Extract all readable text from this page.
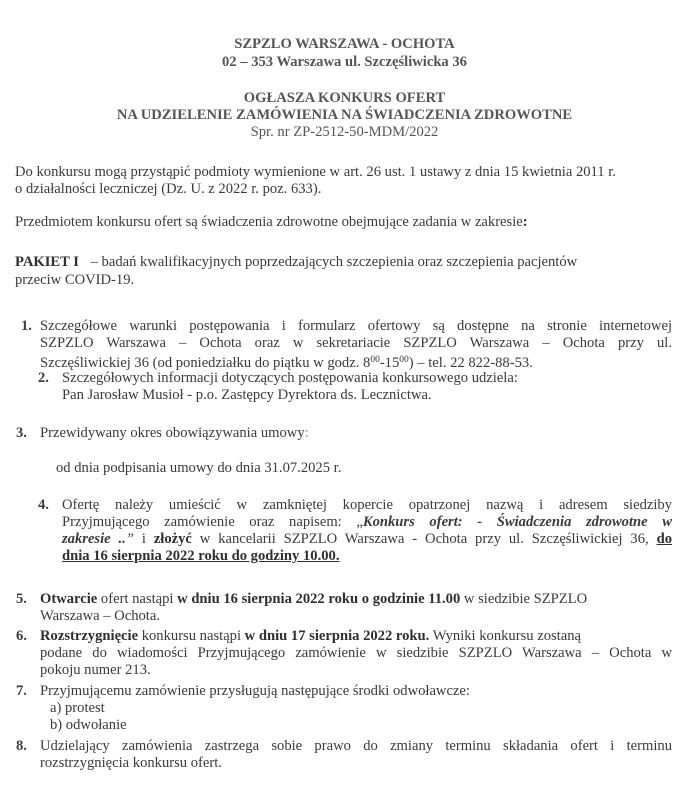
SZPZLO WARSZAWA - OCHOTA
02 – 353 Warszawa ul. Szczęśliwicka 36
OGŁASZA KONKURS OFERT
NA UDZIELENIE ZAMÓWIENIA NA ŚWIADCZENIA ZDROWOTNE
Spr. nr ZP-2512-50-MDM/2022
Do konkursu mogą przystąpić podmioty wymienione w art. 26 ust. 1 ustawy z dnia 15 kwietnia 2011 r.
o działalności leczniczej (Dz. U. z 2022 r. poz. 633).
Przedmiotem konkursu ofert są świadczenia zdrowotne obejmujące zadania w zakresie:
PAKIET I – badań kwalifikacyjnych poprzedzających szczepienia oraz szczepienia pacjentów
przeciw COVID-19.
1. Szczegółowe warunki postępowania i formularz ofertowy są dostępne na stronie internetowej
SZPZLO Warszawa – Ochota oraz w sekretariacie SZPZLO Warszawa – Ochota przy ul.
Szczęśliwickiej 36 (od poniedziałku do piątku w godz. $8^{00}-15^{00}$) – tel. 22 822-88-53.
2. Szczegółowych informacji dotyczących postępowania konkursowego udziela:
Pan Jarosław Musioł - p.o. Zastępcy Dyrektora ds. Lecznictwa.
3. Przewidywany okres obowiązywania umowy:
od dnia podpisania umowy do dnia 31.07.2025 r.
4. Ofertę należy umieścić w zamkniętej kopercie opatrzonej nazwą i adresem siedziby
Przyjmującego zamówienie oraz napisem: „Konkurs ofert: - Świadczenia zdrowotne w
zakresie ..” i złożyć w kancelarii SZPZLO Warszawa - Ochota przy ul. Szczęśliwickiej 36, do
dnia 16 sierpnia 2022 roku do godziny 10.00.
5. Otwarcie ofert nastąpi w dniu 16 sierpnia 2022 roku o godzinie 11.00 w siedzibie SZPZLO
Warszawa – Ochota.
6. Rozstrzygnięcie konkursu nastąpi w dniu 17 sierpnia 2022 roku. Wyniki konkursu zostaną
podane do wiadomości Przyjmującego zamówienie w siedzibie SZPZLO Warszawa – Ochota w
pokoju numer 213.
7. Przyjmującemu zamówienie przysługują następujące środki odwoławcze:
a) protest
b) odwołanie
8. Udzielający zamówienia zastrzega sobie prawo do zmiany terminu składania ofert i terminu
rozstrzygnięcia konkursu ofert.
